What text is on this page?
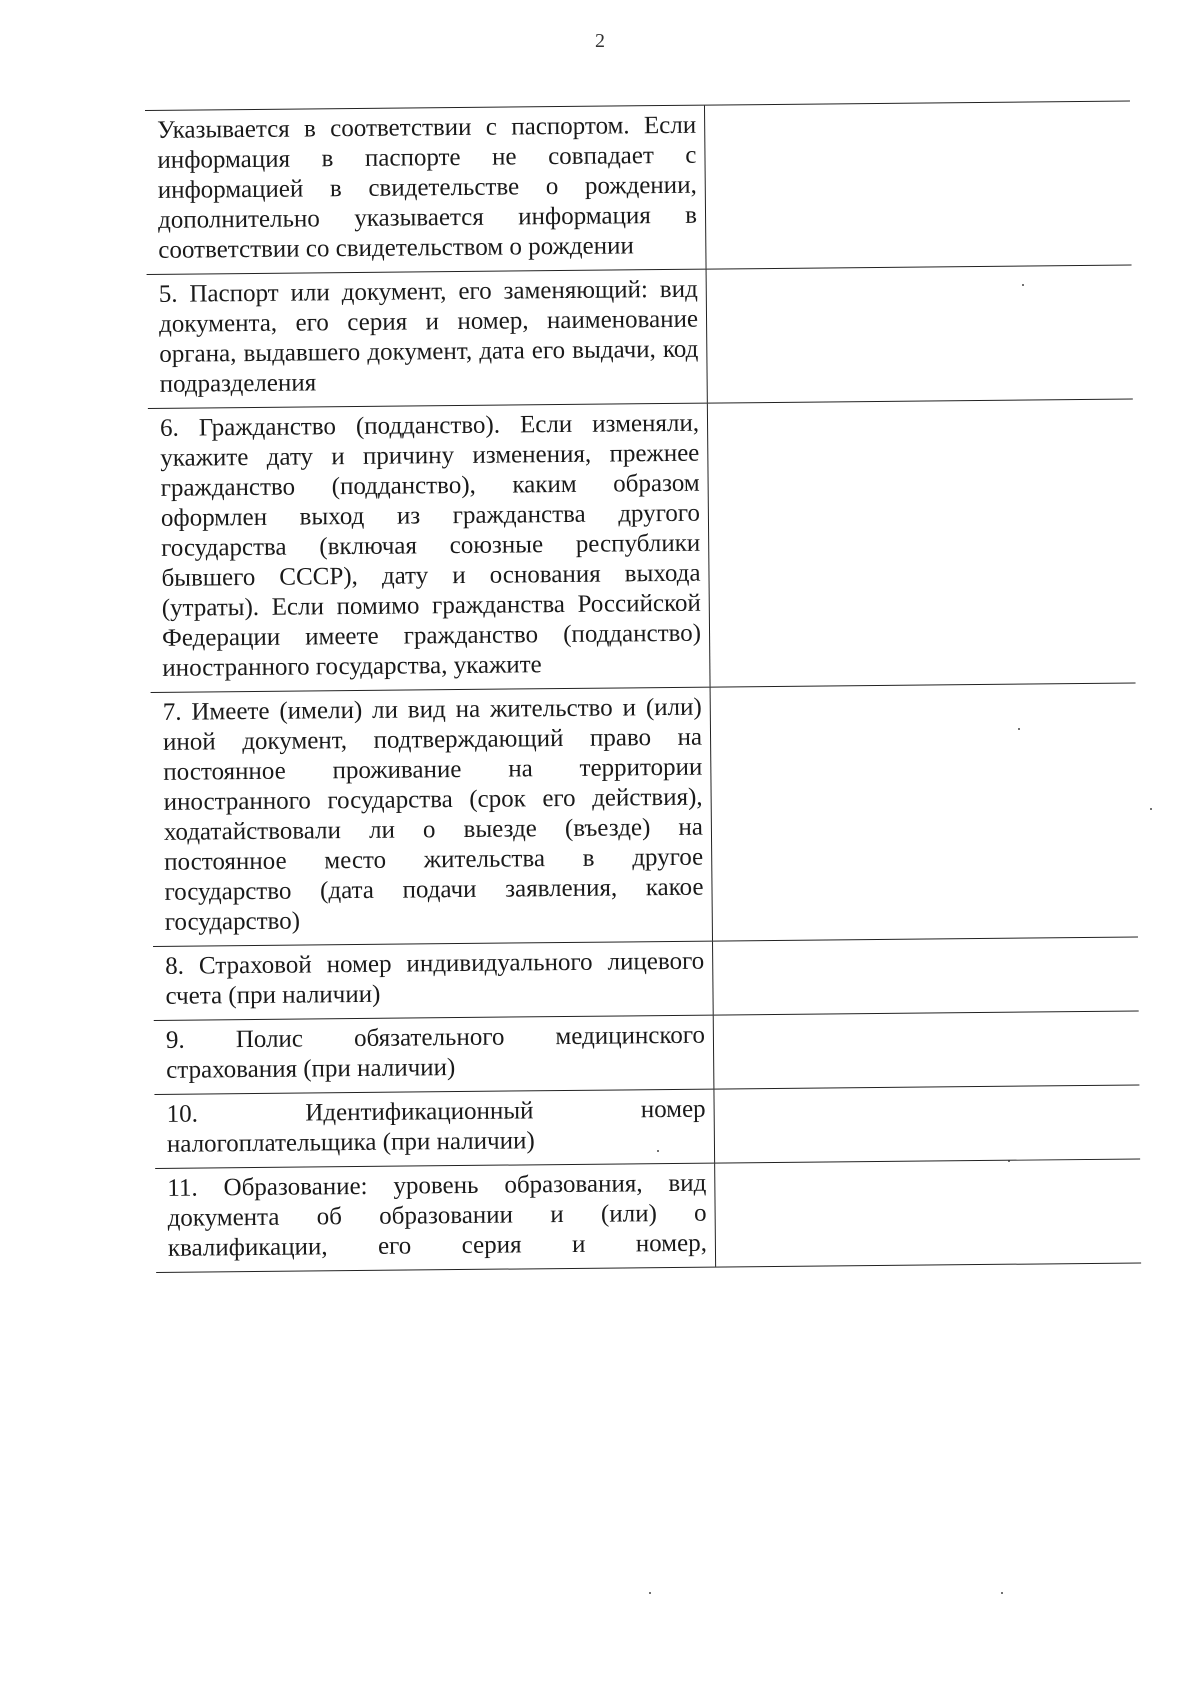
2
Указывается в соответствии с паспортом. Если информация в паспорте не совпадает с информацией в свидетельстве о рождении, дополнительно указывается информация в соответствии со свидетельством о рождении
5. Паспорт или документ, его заменяющий: вид документа, его серия и номер, наименование органа, выдавшего документ, дата его выдачи, код подразделения
6. Гражданство (подданство). Если изменяли, укажите дату и причину изменения, прежнее гражданство (подданство), каким образом оформлен выход из гражданства другого государства (включая союзные республики бывшего СССР), дату и основания выхода (утраты). Если помимо гражданства Российской Федерации имеете гражданство (подданство) иностранного государства, укажите
7. Имеете (имели) ли вид на жительство и (или) иной документ, подтверждающий право на постоянное проживание на территории иностранного государства (срок его действия), ходатайствовали ли о выезде (въезде) на постоянное место жительства в другое государство (дата подачи заявления, какое государство)
8. Страховой номер индивидуального лицевого счета (при наличии)
9. Полис обязательного медицинского страхования (при наличии)
10. Идентификационный номер налогоплательщика (при наличии)
11. Образование: уровень образования, вид документа об образовании и (или) о квалификации, его серия и номер,
